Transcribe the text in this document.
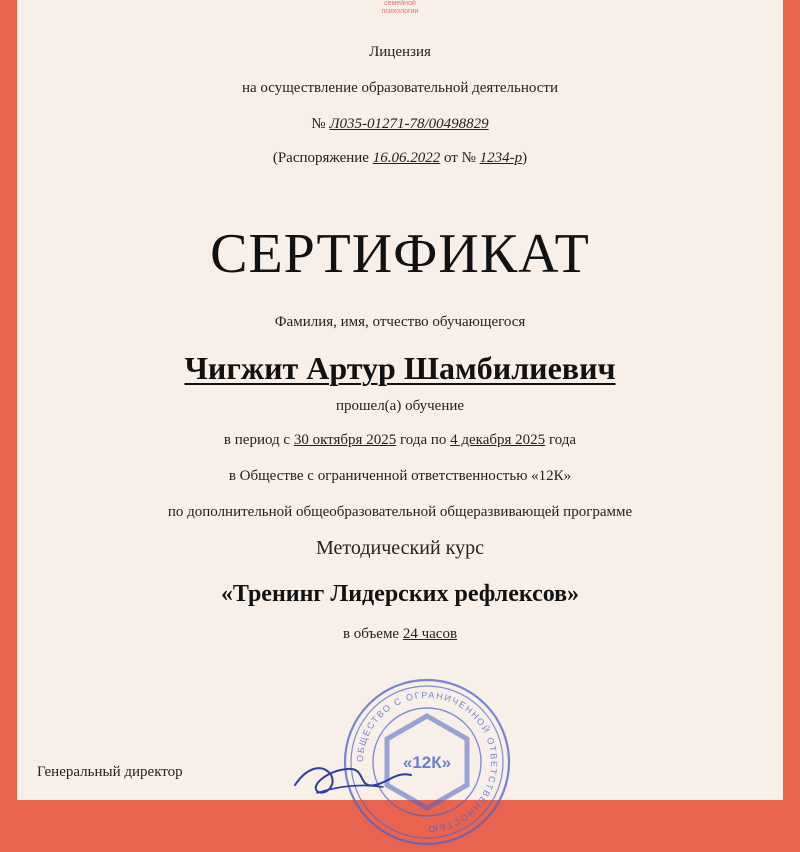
семейной
психологии
Лицензия
на осуществление образовательной деятельности
№ Л035-01271-78/00498829
(Распоряжение 16.06.2022 от № 1234-р)
СЕРТИФИКАТ
Фамилия, имя, отчество обучающегося
Чигжит Артур Шамбилиевич
прошел(а) обучение
в период с 30 октября 2025 года по 4 декабря 2025 года
в Обществе с ограниченной ответственностью «12К»
по дополнительной общеобразовательной общеразвивающей программе
Методический курс
«Тренинг Лидерских рефлексов»
в объеме 24 часов
ОБЩЕСТВО С ОГРАНИЧЕННОЙ ОТВЕТСТВЕННОСТЬЮ
«12К»
Генеральный директор
